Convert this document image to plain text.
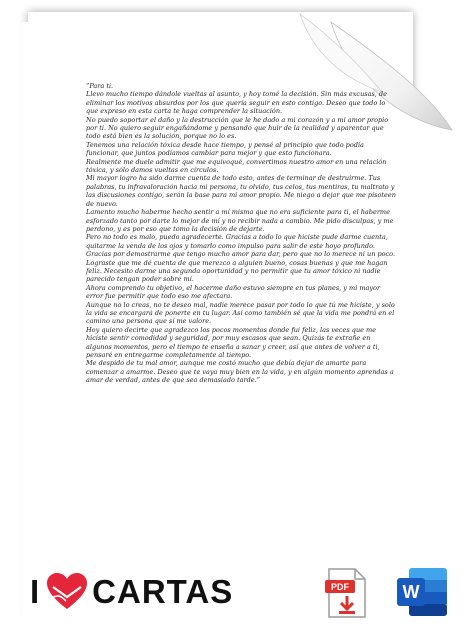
“Para ti.

Llevo mucho tiempo dándole vueltas al asunto, y hoy tomé la decisión. Sin más excusas, de eliminar los motivos absurdos por los que quería seguir en esto contigo. Deseo que todo lo que expreso en esta carta te haga comprender la situación.

No puedo soportar el daño y la destrucción que le he dado a mi corazón y a mi amor propio por ti. No quiero seguir engañándome y pensando que huir de la realidad y aparentar que todo está bien es la solución, porque no lo es.

Tenemos una relación tóxica desde hace tiempo, y pensé al principio que todo podía funcionar, que juntos podíamos cambiar para mejor y que esto funcionara.

Realmente me duele admitir que me equivoqué, convertimos nuestro amor en una relación tóxica, y sólo damos vueltas en círculos.

Mi mayor logro ha sido darme cuenta de todo esto, antes de terminar de destruirme. Tus palabras, tu infravaloración hacia mi persona, tu olvido, tus celos, tus mentiras, tu maltrato y las discusiones contigo, serán la base para mi amor propio. Me niego a dejar que me pisoteen de nuevo.

Lamento mucho haberme hecho sentir a mí misma que no era suficiente para ti, el haberme esforzado tanto por darte lo mejor de mí y no recibir nada a cambio. Me pido disculpas, y me perdono, y es por eso que tomo la decisión de dejarte.

Pero no todo es malo, puedo agradecerte. Gracias a todo lo que hiciste pude darme cuenta, quitarme la venda de los ojos y tomarlo como impulso para salir de este hoyo profundo. Gracias por demostrarme que tengo mucho amor para dar, pero que no lo merece ni un poco.

Lograste que me dé cuenta de que merezco a alguien bueno, cosas buenas y que me hagan feliz. Necesito darme una segunda oportunidad y no permitir que tu amor tóxico ni nadie parecido tengan poder sobre mí.

Ahora comprendo tu objetivo, el hacerme daño estuvo siempre en tus planes, y mi mayor error fue permitir que todo eso me afectara.

Aunque no lo creas, no te deseo mal, nadie merece pasar por todo lo que tú me hiciste, y solo la vida se encargará de ponerte en tu lugar. Así como también sé que la vida me pondrá en el camino una persona que sí me valore.

Hoy quiero decirte que agradezco los pocos momentos donde fui feliz, las veces que me hiciste sentir comodidad y seguridad, por muy escasos que sean. Quizás te extrañe en algunos momentos, pero el tiempo te enseña a sanar y creer, así que antes de volver a ti, pensaré en entregarme completamente al tiempo.

Me despido de tu mal amor, aunque me costó mucho que debía dejar de amarte para comenzar a amarme. Deseo que te vaya muy bien en la vida, y en algún momento aprendas a amar de verdad, antes de que sea demasiado tarde.”

I CARTAS	PDF	W
